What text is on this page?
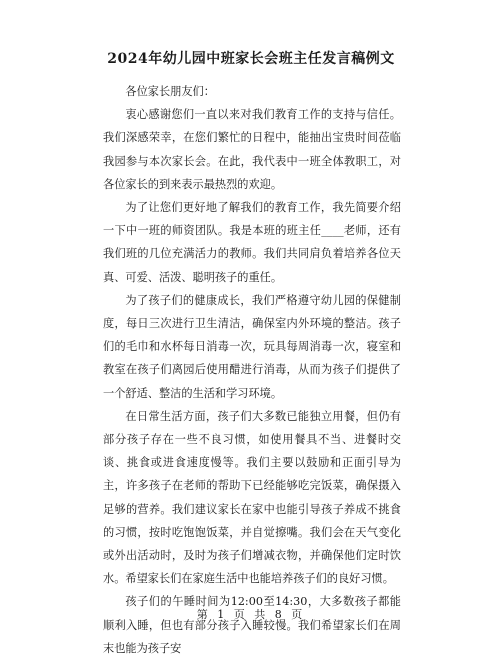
2024年幼儿园中班家长会班主任发言稿例文

各位家长朋友们：

衷心感谢您们一直以来对我们教育工作的支持与信任。我们深感荣幸，在您们繁忙的日程中，能抽出宝贵时间莅临我园参与本次家长会。在此，我代表中一班全体教职工，对各位家长的到来表示最热烈的欢迎。

为了让您们更好地了解我们的教育工作，我先简要介绍一下中一班的师资团队。我是本班的班主任____老师，还有我们班的几位充满活力的教师。我们共同肩负着培养各位天真、可爱、活泼、聪明孩子的重任。

为了孩子们的健康成长，我们严格遵守幼儿园的保健制度，每日三次进行卫生清洁，确保室内外环境的整洁。孩子们的毛巾和水杯每日消毒一次，玩具每周消毒一次，寝室和教室在孩子们离园后使用醋进行消毒，从而为孩子们提供了一个舒适、整洁的生活和学习环境。

在日常生活方面，孩子们大多数已能独立用餐，但仍有部分孩子存在一些不良习惯，如使用餐具不当、进餐时交谈、挑食或进食速度慢等。我们主要以鼓励和正面引导为主，许多孩子在老师的帮助下已经能够吃完饭菜，确保摄入足够的营养。我们建议家长在家中也能引导孩子养成不挑食的习惯，按时吃饱饱饭菜，并自觉擦嘴。我们会在天气变化或外出活动时，及时为孩子们增减衣物，并确保他们定时饮水。希望家长们在家庭生活中也能培养孩子们的良好习惯。

孩子们的午睡时间为12:00至14:30，大多数孩子都能顺利入睡，但也有部分孩子入睡较慢。我们希望家长们在周末也能为孩子安

第 1 页 共 8 页
